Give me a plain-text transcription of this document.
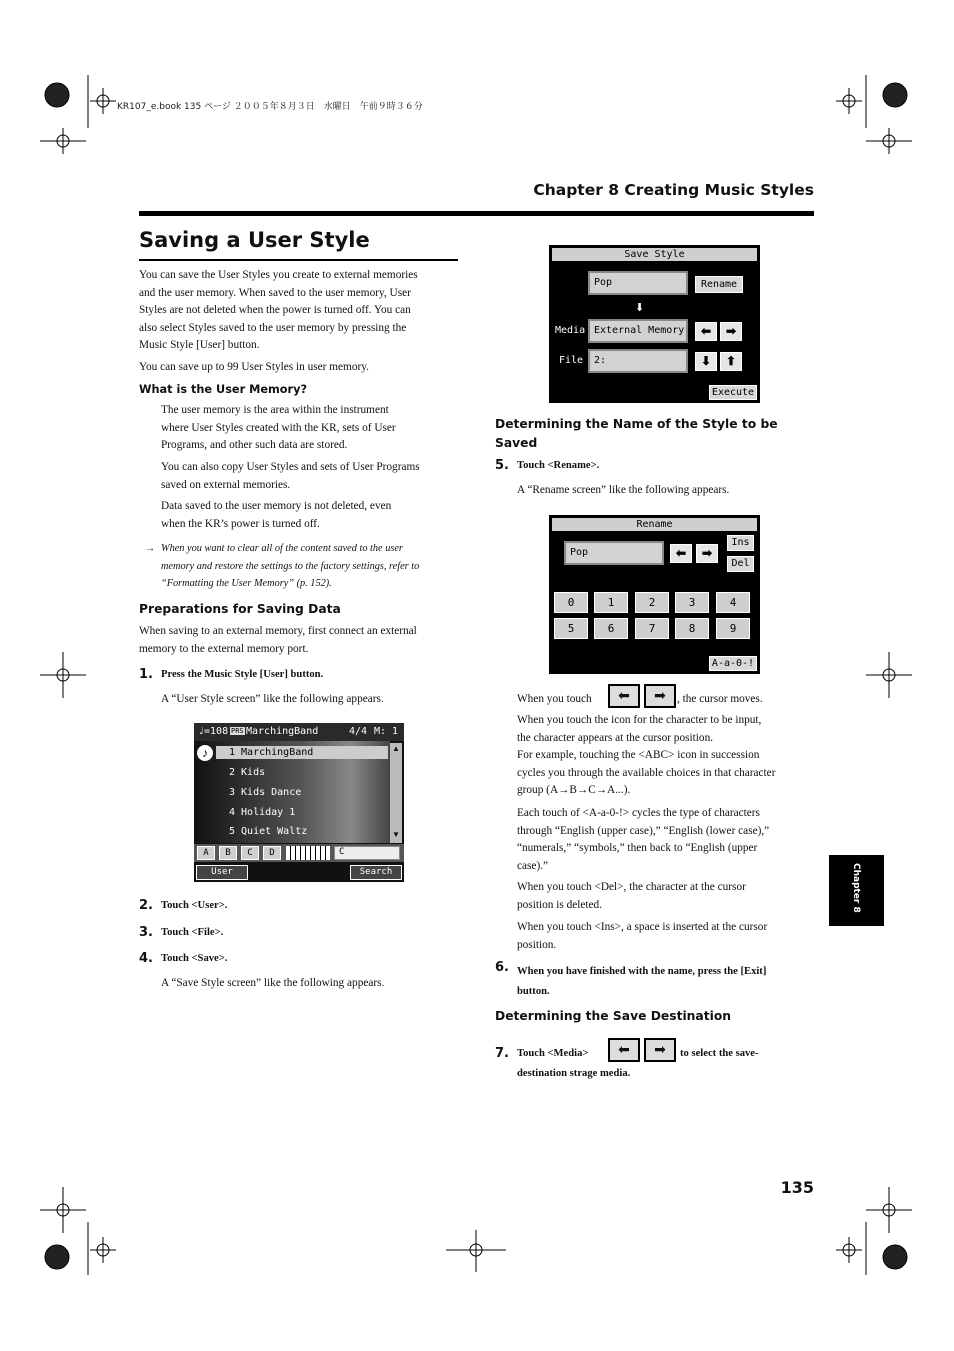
KR107_e.book 135 ページ ２００５年８月３日　水曜日　午前９時３６分
Chapter 8 Creating Music Styles
Saving a User Style
You can save the User Styles you create to external memories
and the user memory. When saved to the user memory, User
Styles are not deleted when the power is turned off. You can
also select Styles saved to the user memory by pressing the
Music Style [User] button.
You can save up to 99 User Styles in user memory.
What is the User Memory?
The user memory is the area within the instrument
where User Styles created with the KR, sets of User
Programs, and other such data are stored.
You can also copy User Styles and sets of User Programs
saved on external memories.
Data saved to the user memory is not deleted, even
when the KR’s power is turned off.
→ When you want to clear all of the content saved to the user
memory and restore the settings to the factory settings, refer to
“Formatting the User Memory” (p. 152).
Preparations for Saving Data
When saving to an external memory, first connect an external
memory to the external memory port.
1. Press the Music Style [User] button.
A “User Style screen” like the following appears.
♩=108 PRS MarchingBand	4/4 M: 1
♪	1 MarchingBand
2 Kids
3 Kids Dance
4 Holiday 1
5 Quiet Waltz
▲
▼
A	B	C	D	C
User	Search
2. Touch <User>.
3. Touch <File>.
4. Touch <Save>.
A “Save Style screen” like the following appears.
Save Style
Pop	Rename
⬇
Media External Memory	⬅	➡
File	2:	⬇	⬆
Execute
Determining the Name of the Style to be
Saved
5. Touch <Rename>.
A “Rename screen” like the following appears.
Rename
Pop	⬅	➡
Ins
Del
0	1	2	3	4
5	6	7	8	9
A-a-0-!
When you touch	⬅	➡ , the cursor moves.
When you touch the icon for the character to be input,
the character appears at the cursor position.
For example, touching the <ABC> icon in succession
cycles you through the available choices in that character
group (A→B→C→A...).
Each touch of <A-a-0-!> cycles the type of characters
through “English (upper case),” “English (lower case),”
“numerals,” “symbols,” then back to “English (upper
case).”
When you touch <Del>, the character at the cursor
position is deleted.
When you touch <Ins>, a space is inserted at the cursor
position.
6. When you have finished with the name, press the [Exit]
button.
Determining the Save Destination
7. Touch <Media>	⬅	➡	to select the save-
destination strage media.
Chapter 8
135
